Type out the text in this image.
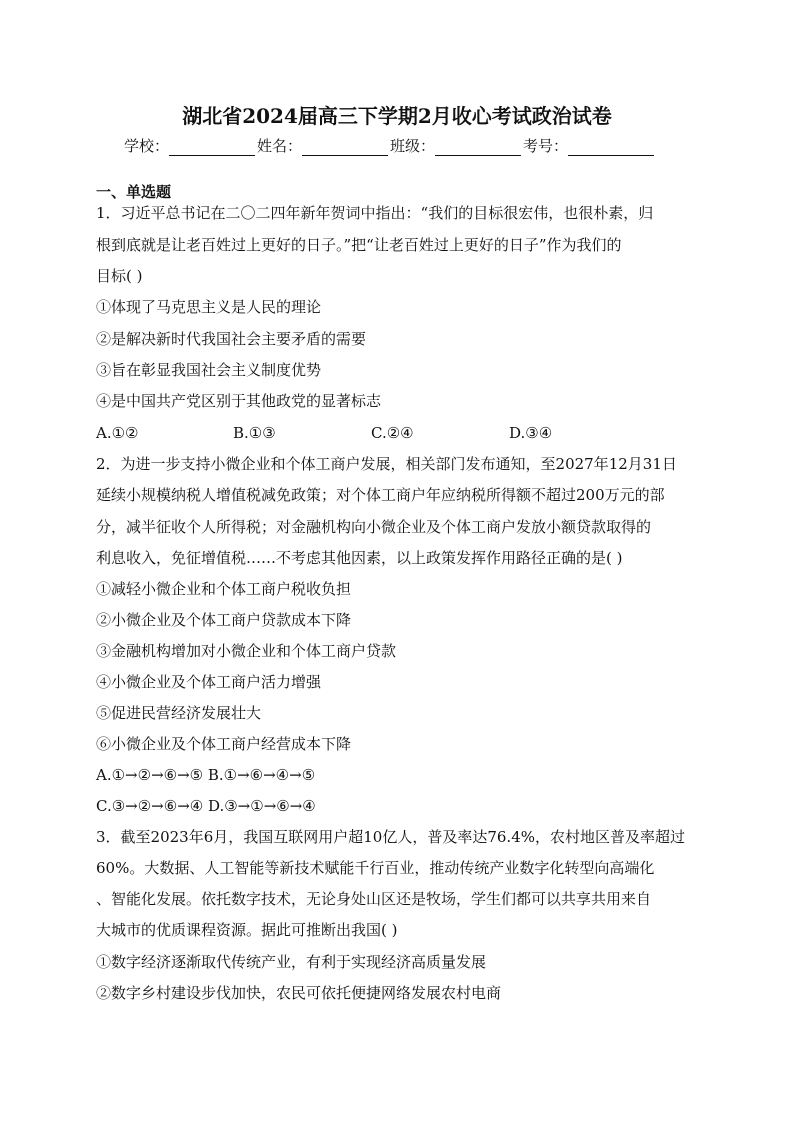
湖北省2024届高三下学期2月收心考试政治试卷
学校：	姓名：	班级：	考号：
一、单选题
1．习近平总书记在二〇二四年新年贺词中指出：“我们的目标很宏伟，也很朴素，归
根到底就是让老百姓过上更好的日子。”把“让老百姓过上更好的日子”作为我们的
目标( )
①体现了马克思主义是人民的理论
②是解决新时代我国社会主要矛盾的需要
③旨在彰显我国社会主义制度优势
④是中国共产党区别于其他政党的显著标志
A.①②	B.①③	C.②④	D.③④
2．为进一步支持小微企业和个体工商户发展，相关部门发布通知，至2027年12月31日
延续小规模纳税人增值税减免政策；对个体工商户年应纳税所得额不超过200万元的部
分，减半征收个人所得税；对金融机构向小微企业及个体工商户发放小额贷款取得的
利息收入，免征增值税……不考虑其他因素，以上政策发挥作用路径正确的是( )
①减轻小微企业和个体工商户税收负担
②小微企业及个体工商户贷款成本下降
③金融机构增加对小微企业和个体工商户贷款
④小微企业及个体工商户活力增强
⑤促进民营经济发展壮大
⑥小微企业及个体工商户经营成本下降
A.①→②→⑥→⑤ B.①→⑥→④→⑤
C.③→②→⑥→④ D.③→①→⑥→④
3．截至2023年6月，我国互联网用户超10亿人，普及率达76.4%，农村地区普及率超过
60%。大数据、人工智能等新技术赋能千行百业，推动传统产业数字化转型向高端化
、智能化发展。依托数字技术，无论身处山区还是牧场，学生们都可以共享共用来自
大城市的优质课程资源。据此可推断出我国( )
①数字经济逐渐取代传统产业，有利于实现经济高质量发展
②数字乡村建设步伐加快，农民可依托便捷网络发展农村电商
